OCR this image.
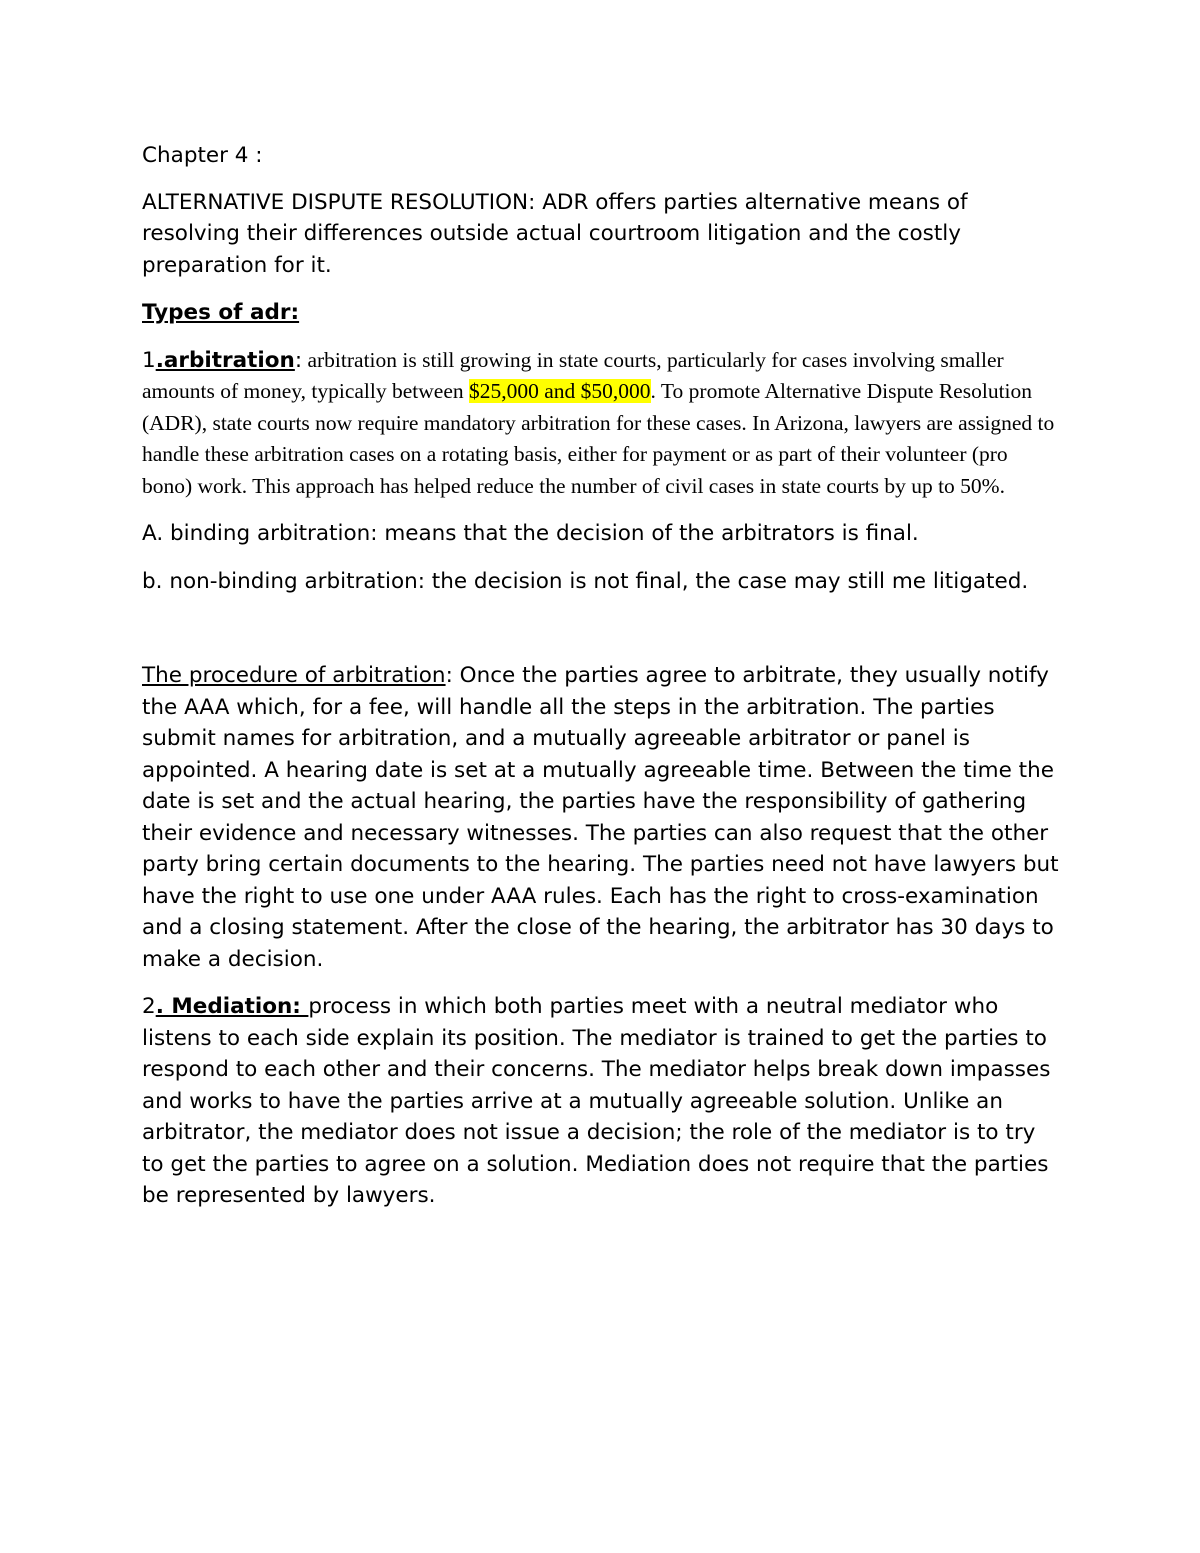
Chapter 4 :

ALTERNATIVE DISPUTE RESOLUTION: ADR offers parties alternative means of resolving their differences outside actual courtroom litigation and the costly preparation for it.

Types of adr:

1.arbitration: arbitration is still growing in state courts, particularly for cases involving smaller amounts of money, typically between $25,000 and $50,000. To promote Alternative Dispute Resolution (ADR), state courts now require mandatory arbitration for these cases. In Arizona, lawyers are assigned to handle these arbitration cases on a rotating basis, either for payment or as part of their volunteer (pro bono) work. This approach has helped reduce the number of civil cases in state courts by up to 50%.

A. binding arbitration: means that the decision of the arbitrators is final.

b. non-binding arbitration: the decision is not final, the case may still me litigated.

The procedure of arbitration: Once the parties agree to arbitrate, they usually notify the AAA which, for a fee, will handle all the steps in the arbitration. The parties submit names for arbitration, and a mutually agreeable arbitrator or panel is appointed. A hearing date is set at a mutually agreeable time. Between the time the date is set and the actual hearing, the parties have the responsibility of gathering their evidence and necessary witnesses. The parties can also request that the other party bring certain documents to the hearing. The parties need not have lawyers but have the right to use one under AAA rules. Each has the right to cross-examination and a closing statement. After the close of the hearing, the arbitrator has 30 days to make a decision.

2. Mediation: process in which both parties meet with a neutral mediator who listens to each side explain its position. The mediator is trained to get the parties to respond to each other and their concerns. The mediator helps break down impasses and works to have the parties arrive at a mutually agreeable solution. Unlike an arbitrator, the mediator does not issue a decision; the role of the mediator is to try to get the parties to agree on a solution. Mediation does not require that the parties be represented by lawyers.
